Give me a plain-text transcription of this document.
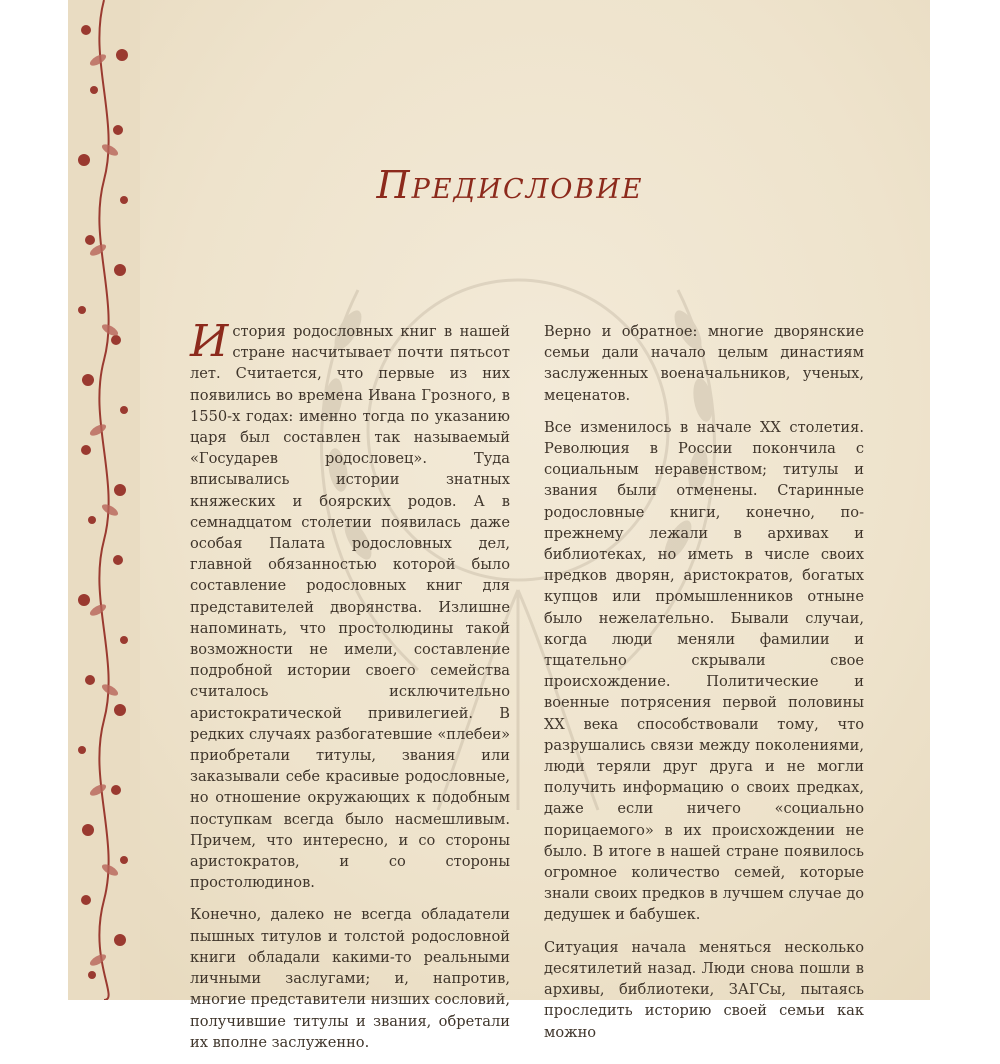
Предисловие

История родословных книг в нашей стране насчитывает почти пятьсот лет. Считается, что первые из них появились во времена Ивана Грозного, в 1550-х годах: именно тогда по указанию царя был составлен так называемый «Государев родословец». Туда вписывались истории знатных княжеских и боярских родов. А в семнадцатом столетии появилась даже особая Палата родословных дел, главной обязанностью которой было составление родословных книг для представителей дворянства. Излишне напоминать, что простолюдины такой возможности не имели, составление подробной истории своего семейства считалось исключительно аристократической привилегией. В редких случаях разбогатевшие «плебеи» приобретали титулы, звания или заказывали себе красивые родословные, но отношение окружающих к подобным поступкам всегда было насмешливым. Причем, что интересно, и со стороны аристократов, и со стороны простолюдинов.

Конечно, далеко не всегда обладатели пышных титулов и толстой родословной книги обладали какими-то реальными личными заслугами; и, напротив, многие представители низших сословий, получившие титулы и звания, обретали их вполне заслуженно.

Верно и обратное: многие дворянские семьи дали начало целым династиям заслуженных военачальников, ученых, меценатов.

Все изменилось в начале XX столетия. Революция в России покончила с социальным неравенством; титулы и звания были отменены. Старинные родословные книги, конечно, по-прежнему лежали в архивах и библиотеках, но иметь в числе своих предков дворян, аристократов, богатых купцов или промышленников отныне было нежелательно. Бывали случаи, когда люди меняли фамилии и тщательно скрывали свое происхождение. Политические и военные потрясения первой половины XX века способствовали тому, что разрушались связи между поколениями, люди теряли друг друга и не могли получить информацию о своих предках, даже если ничего «социально порицаемого» в их происхождении не было. В итоге в нашей стране появилось огромное количество семей, которые знали своих предков в лучшем случае до дедушек и бабушек.

Ситуация начала меняться несколько десятилетий назад. Люди снова пошли в архивы, библиотеки, ЗАГСы, пытаясь проследить историю своей семьи как можно
